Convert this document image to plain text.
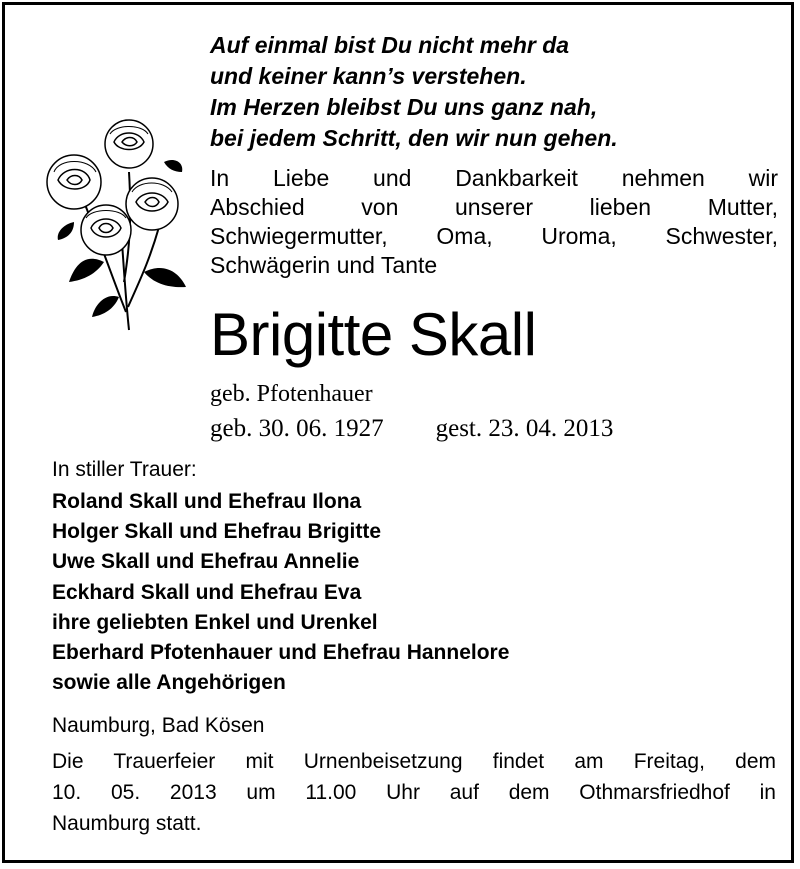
Auf einmal bist Du nicht mehr da
und keiner kann’s verstehen.
Im Herzen bleibst Du uns ganz nah,
bei jedem Schritt, den wir nun gehen.
In Liebe und Dankbarkeit nehmen wir
Abschied von unserer lieben Mutter,
Schwiegermutter, Oma, Uroma, Schwester,
Schwägerin und Tante
Brigitte Skall
geb. Pfotenhauer
geb. 30. 06. 1927 gest. 23. 04. 2013
In stiller Trauer:
Roland Skall und Ehefrau Ilona
Holger Skall und Ehefrau Brigitte
Uwe Skall und Ehefrau Annelie
Eckhard Skall und Ehefrau Eva
ihre geliebten Enkel und Urenkel
Eberhard Pfotenhauer und Ehefrau Hannelore
sowie alle Angehörigen
Naumburg, Bad Kösen
Die Trauerfeier mit Urnenbeisetzung findet am Freitag, dem
10. 05. 2013 um 11.00 Uhr auf dem Othmarsfriedhof in
Naumburg statt.
